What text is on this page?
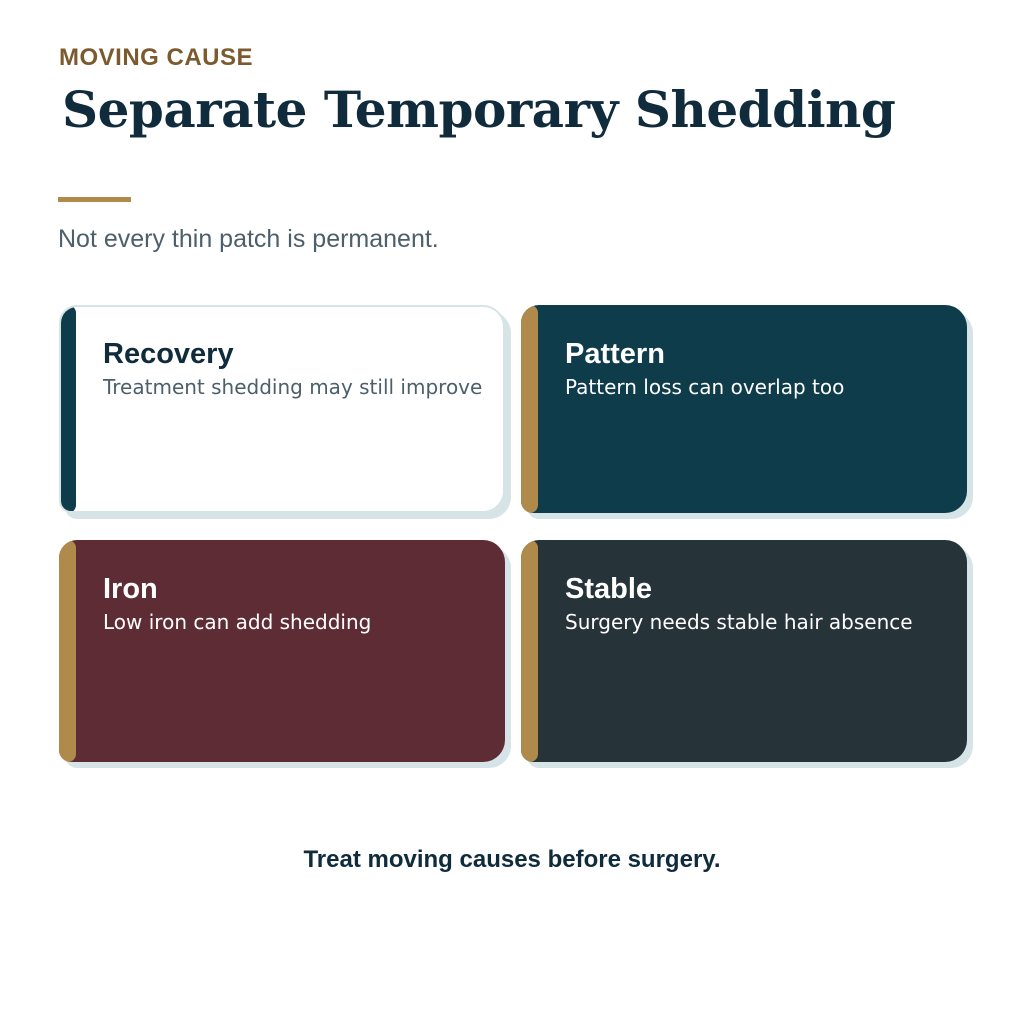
MOVING CAUSE
Separate Temporary Shedding
Not every thin patch is permanent.
Recovery
Treatment shedding may still improve
Pattern
Pattern loss can overlap too
Iron
Low iron can add shedding
Stable
Surgery needs stable hair absence
Treat moving causes before surgery.
